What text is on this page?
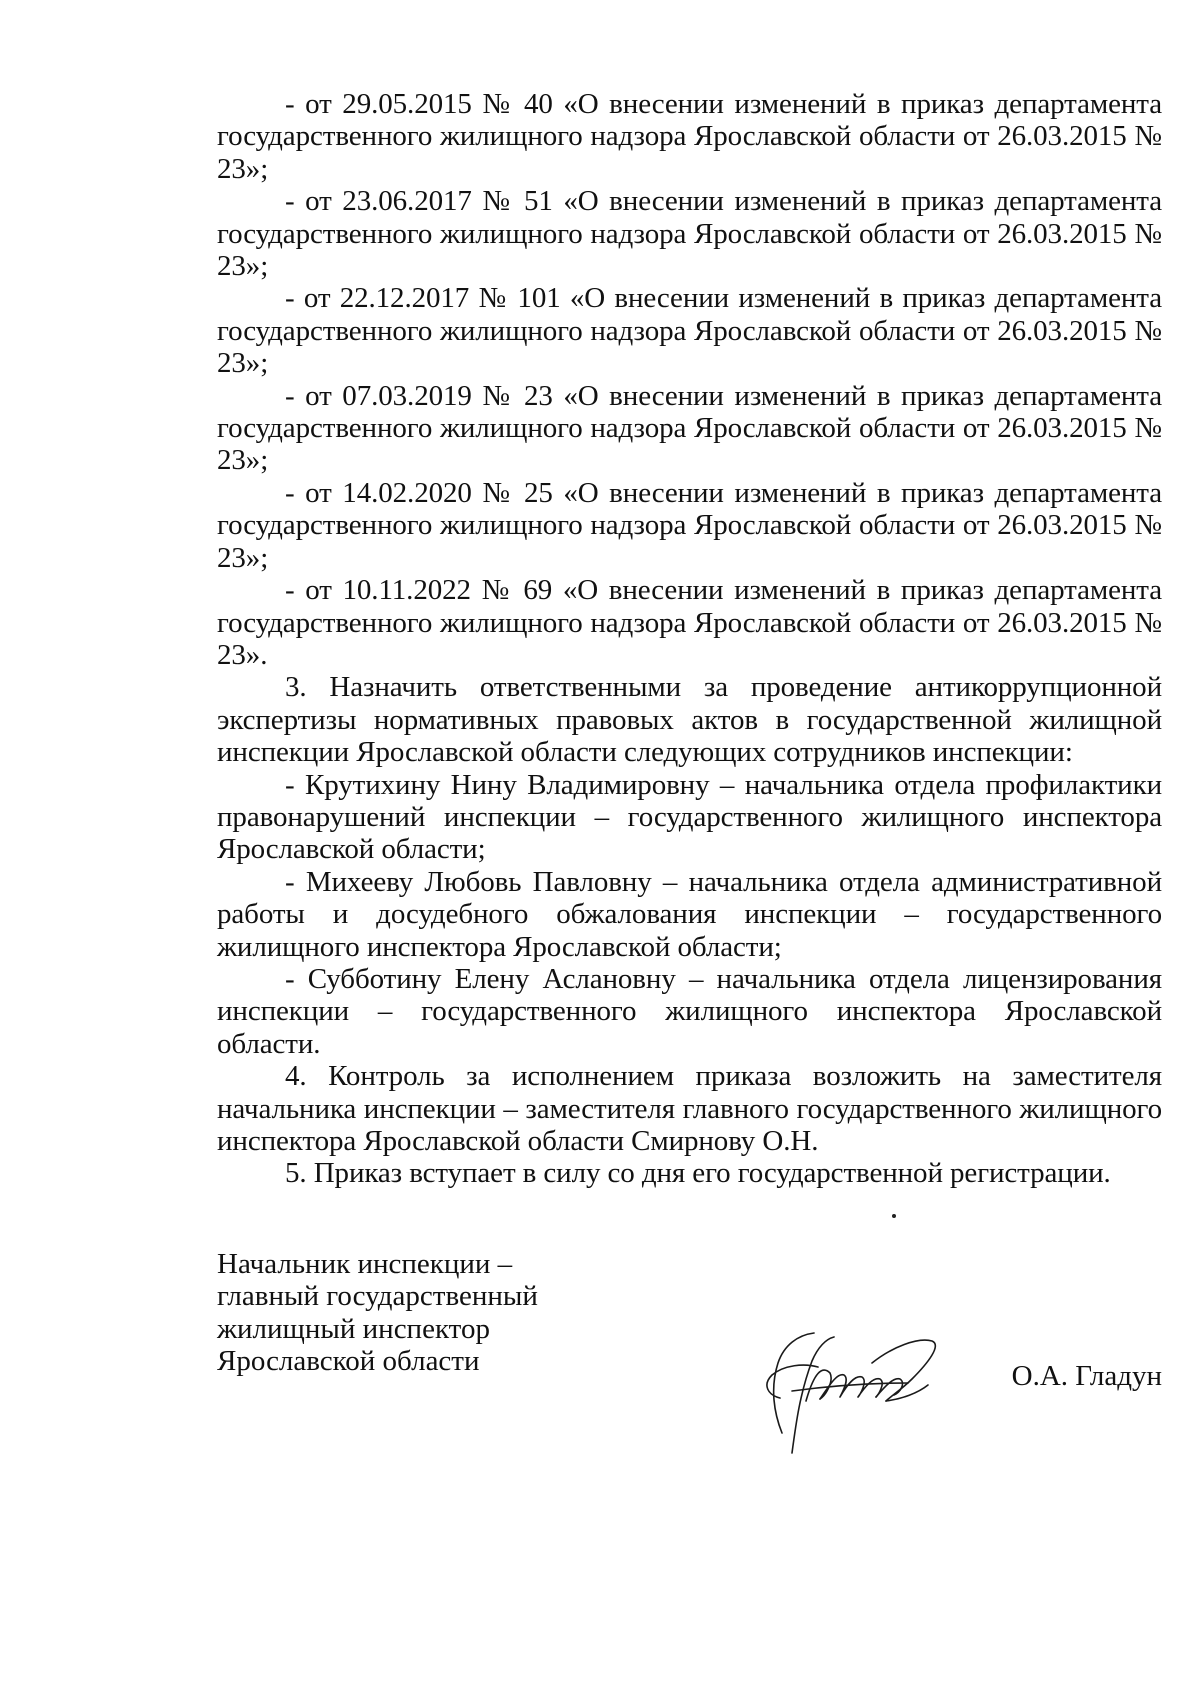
- от 29.05.2015 № 40 «О внесении изменений в приказ департамента государственного жилищного надзора Ярославской области от 26.03.2015 № 23»;

- от 23.06.2017 № 51 «О внесении изменений в приказ департамента государственного жилищного надзора Ярославской области от 26.03.2015 № 23»;

- от 22.12.2017 № 101 «О внесении изменений в приказ департамента государственного жилищного надзора Ярославской области от 26.03.2015 № 23»;

- от 07.03.2019 № 23 «О внесении изменений в приказ департамента государственного жилищного надзора Ярославской области от 26.03.2015 № 23»;

- от 14.02.2020 № 25 «О внесении изменений в приказ департамента государственного жилищного надзора Ярославской области от 26.03.2015 № 23»;

- от 10.11.2022 № 69 «О внесении изменений в приказ департамента государственного жилищного надзора Ярославской области от 26.03.2015 № 23».

3. Назначить ответственными за проведение антикоррупционной экспертизы нормативных правовых актов в государственной жилищной инспекции Ярославской области следующих сотрудников инспекции:

- Крутихину Нину Владимировну – начальника отдела профилактики правонарушений инспекции – государственного жилищного инспектора Ярославской области;

- Михееву Любовь Павловну – начальника отдела административной работы и досудебного обжалования инспекции – государственного жилищного инспектора Ярославской области;

- Субботину Елену Аслановну – начальника отдела лицензирования инспекции – государственного жилищного инспектора Ярославской области.

4. Контроль за исполнением приказа возложить на заместителя начальника инспекции – заместителя главного государственного жилищного инспектора Ярославской области Смирнову О.Н.

5. Приказ вступает в силу со дня его государственной регистрации.

Начальник инспекции –
главный государственный
жилищный инспектор
Ярославской области	О.А. Гладун
